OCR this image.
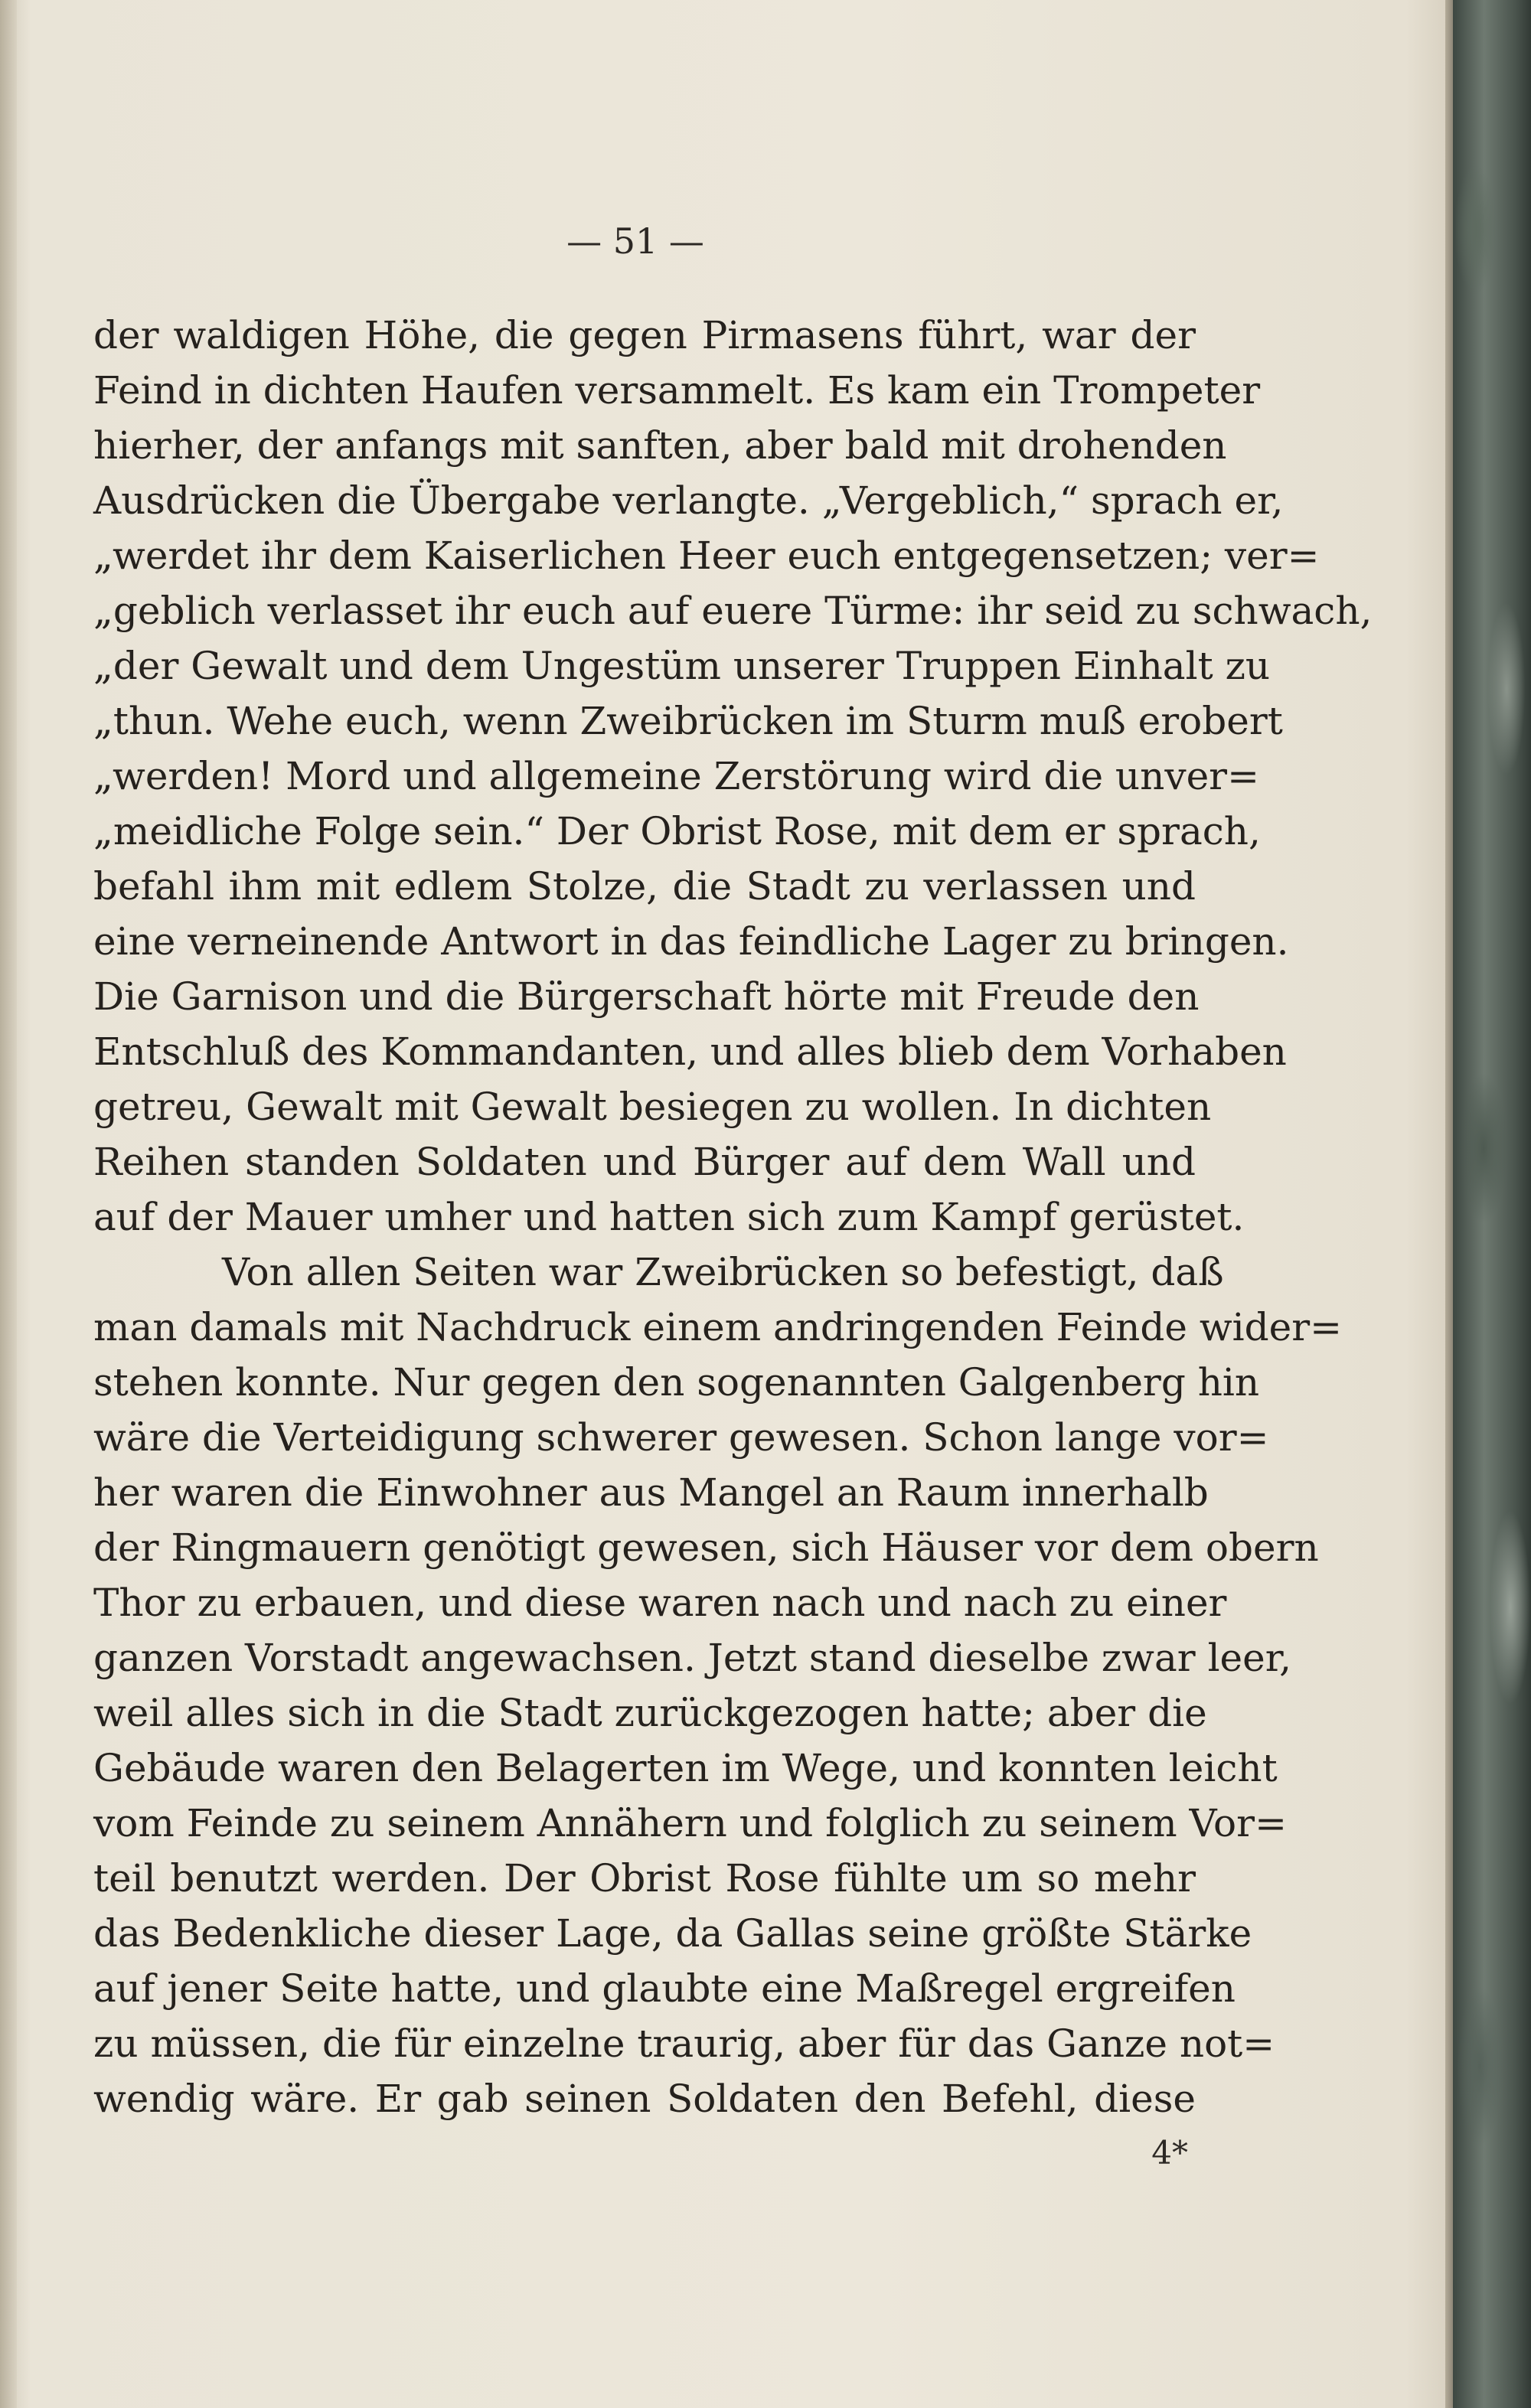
— 51 —
der waldigen Höhe, die gegen Pirmasens führt, war der
Feind in dichten Haufen versammelt. Es kam ein Trompeter
hierher, der anfangs mit sanften, aber bald mit drohenden
Ausdrücken die Übergabe verlangte. „Vergeblich,“ sprach er,
„werdet ihr dem Kaiserlichen Heer euch entgegensetzen; ver=
„geblich verlasset ihr euch auf euere Türme: ihr seid zu schwach,
„der Gewalt und dem Ungestüm unserer Truppen Einhalt zu
„thun. Wehe euch, wenn Zweibrücken im Sturm muß erobert
„werden! Mord und allgemeine Zerstörung wird die unver=
„meidliche Folge sein.“ Der Obrist Rose, mit dem er sprach,
befahl ihm mit edlem Stolze, die Stadt zu verlassen und
eine verneinende Antwort in das feindliche Lager zu bringen.
Die Garnison und die Bürgerschaft hörte mit Freude den
Entschluß des Kommandanten, und alles blieb dem Vorhaben
getreu, Gewalt mit Gewalt besiegen zu wollen. In dichten
Reihen standen Soldaten und Bürger auf dem Wall und
auf der Mauer umher und hatten sich zum Kampf gerüstet.
Von allen Seiten war Zweibrücken so befestigt, daß
man damals mit Nachdruck einem andringenden Feinde wider=
stehen konnte. Nur gegen den sogenannten Galgenberg hin
wäre die Verteidigung schwerer gewesen. Schon lange vor=
her waren die Einwohner aus Mangel an Raum innerhalb
der Ringmauern genötigt gewesen, sich Häuser vor dem obern
Thor zu erbauen, und diese waren nach und nach zu einer
ganzen Vorstadt angewachsen. Jetzt stand dieselbe zwar leer,
weil alles sich in die Stadt zurückgezogen hatte; aber die
Gebäude waren den Belagerten im Wege, und konnten leicht
vom Feinde zu seinem Annähern und folglich zu seinem Vor=
teil benutzt werden. Der Obrist Rose fühlte um so mehr
das Bedenkliche dieser Lage, da Gallas seine größte Stärke
auf jener Seite hatte, und glaubte eine Maßregel ergreifen
zu müssen, die für einzelne traurig, aber für das Ganze not=
wendig wäre. Er gab seinen Soldaten den Befehl, diese
4*
